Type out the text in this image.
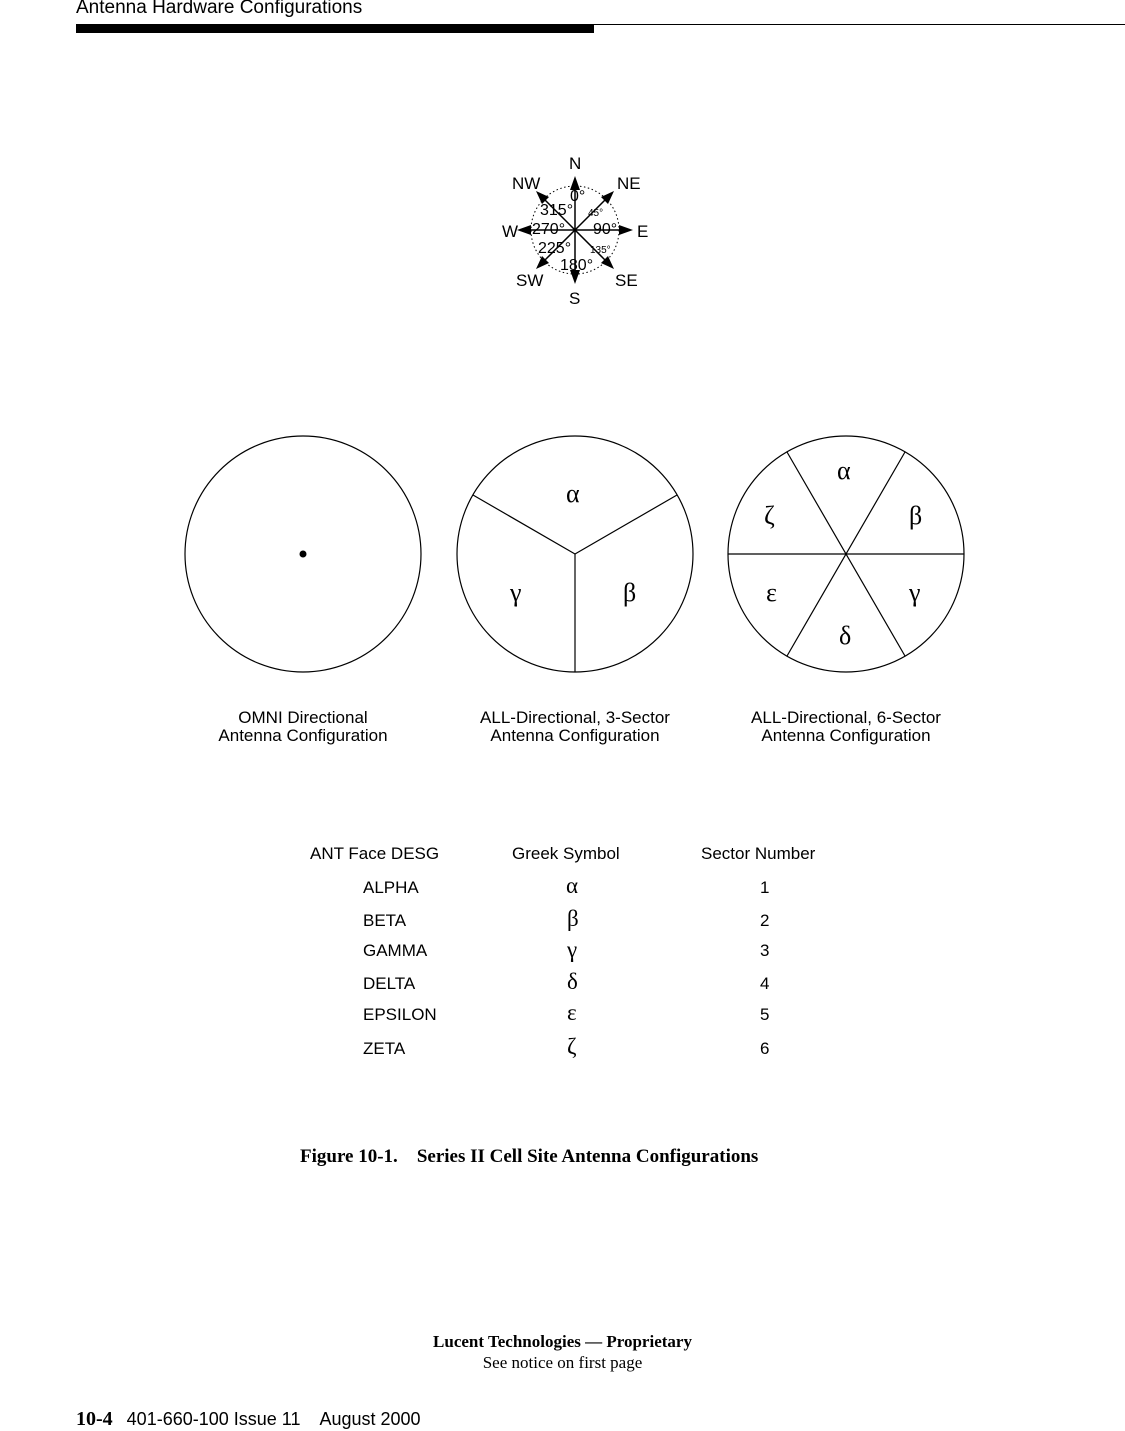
Antenna Hardware Configurations
N
NE
E
SE
S
SW
W
NW
0°
45°
90°
135°
180°
225°
270°
315°
α
β
γ
α
β
γ
δ
ε
ζ
OMNI Directional
Antenna Configuration
ALL-Directional, 3-Sector
Antenna Configuration
ALL-Directional, 6-Sector
Antenna Configuration
ANT Face DESG	Greek Symbol	Sector Number
ALPHA	α	1
BETA	β	2
GAMMA	γ	3
DELTA	δ	4
EPSILON	ε	5
ZETA	ζ	6
Figure 10-1. Series II Cell Site Antenna Configurations
Lucent Technologies — Proprietary
See notice on first page
10-4 401-660-100 Issue 11    August 2000
